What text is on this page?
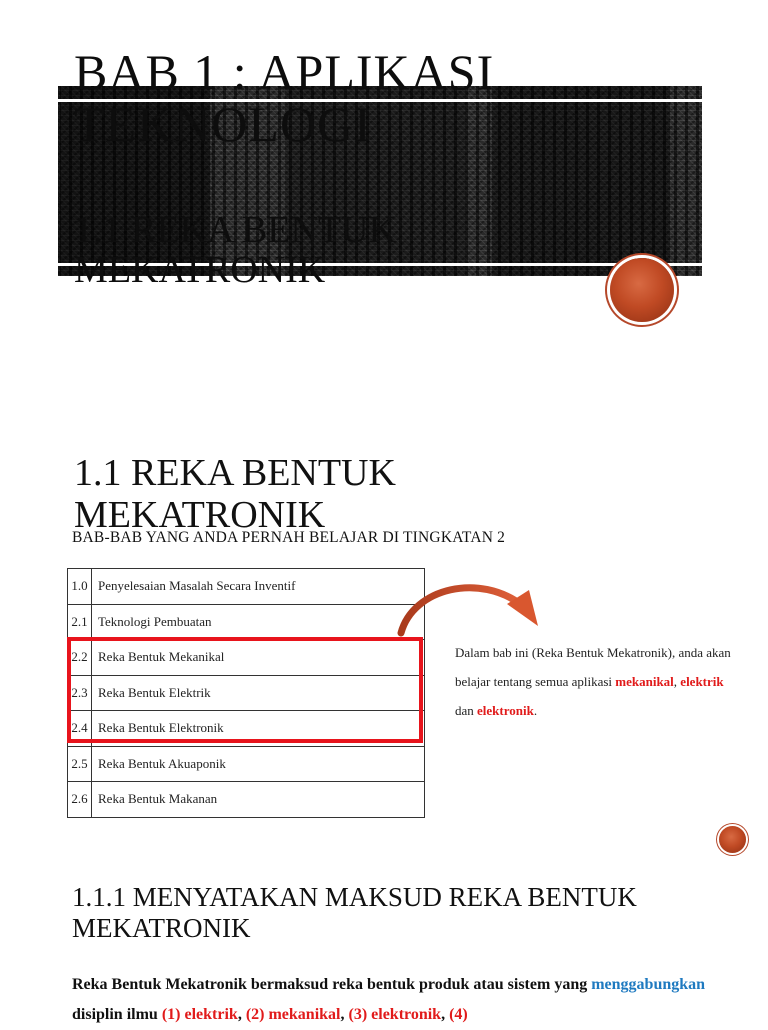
BAB 1 : APLIKASI TEKNOLOGI
1.1 REKA BENTUK MEKATRONIK
1.1 REKA BENTUK MEKATRONIK
BAB-BAB YANG ANDA PERNAH BELAJAR DI TINGKATAN 2
1.0	Penyelesaian Masalah Secara Inventif
2.1	Teknologi Pembuatan
2.2	Reka Bentuk Mekanikal
2.3	Reka Bentuk Elektrik
2.4	Reka Bentuk Elektronik
2.5	Reka Bentuk Akuaponik
2.6	Reka Bentuk Makanan
Dalam bab ini (Reka Bentuk Mekatronik), anda akan belajar tentang semua aplikasi mekanikal, elektrik dan elektronik.
1.1.1 MENYATAKAN MAKSUD REKA BENTUK MEKATRONIK
Reka Bentuk Mekatronik bermaksud reka bentuk produk atau sistem yang menggabungkan disiplin ilmu (1) elektrik, (2) mekanikal, (3) elektronik, (4)
